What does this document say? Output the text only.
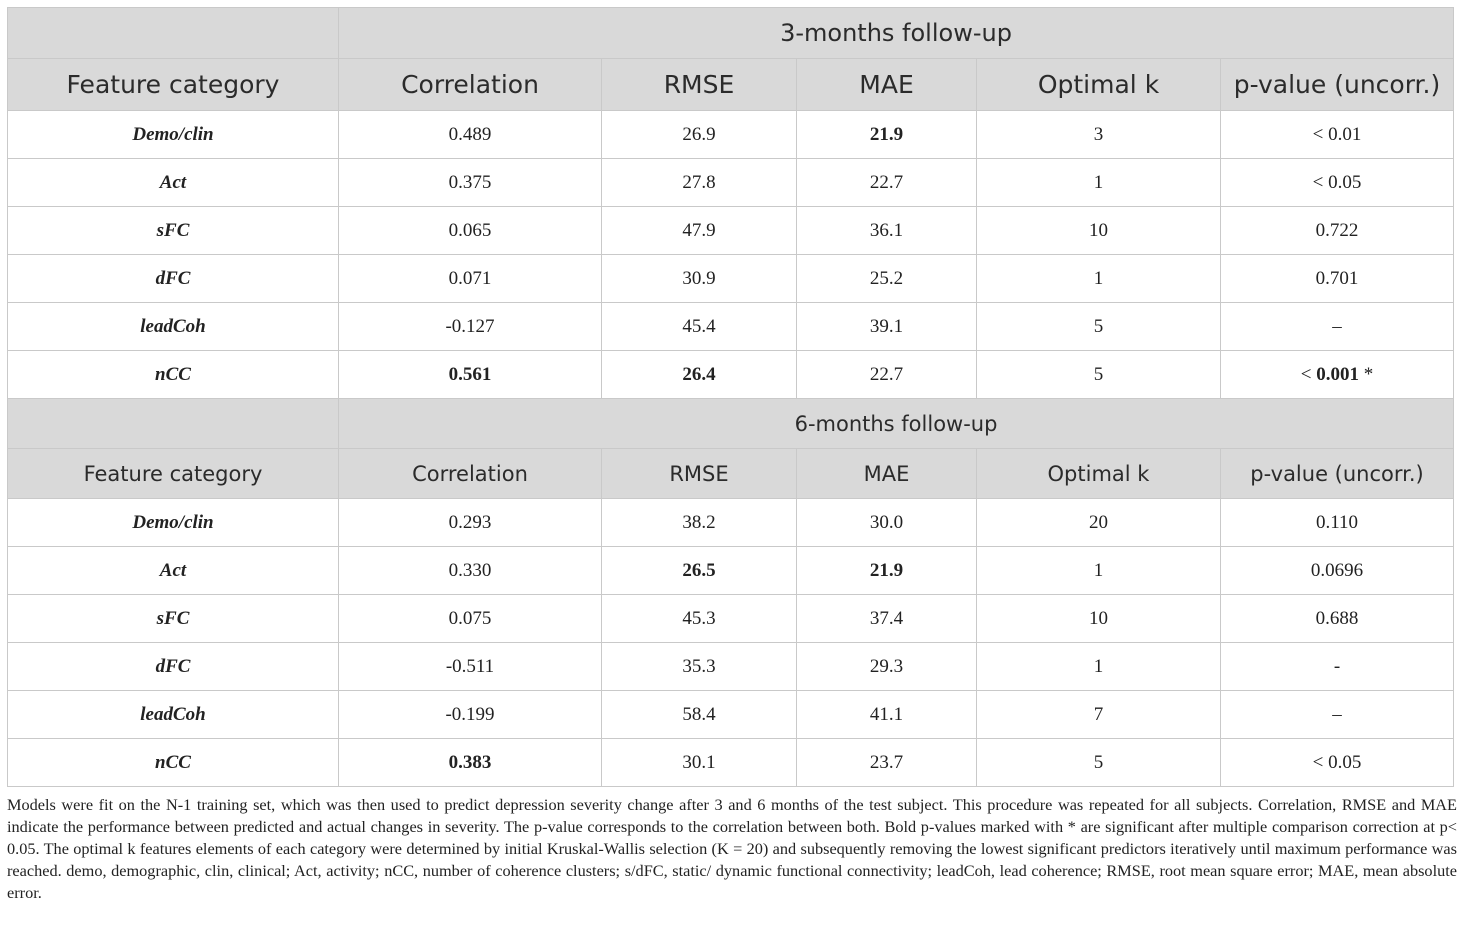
	3-months follow-up				
Feature category	Correlation	RMSE	MAE	Optimal k	p-value (uncorr.)
Demo/clin	0.489	26.9	21.9	3	< 0.01
Act	0.375	27.8	22.7	1	< 0.05
sFC	0.065	47.9	36.1	10	0.722
dFC	0.071	30.9	25.2	1	0.701
leadCoh	-0.127	45.4	39.1	5	–
nCC	0.561	26.4	22.7	5	< 0.001 *
	6-months follow-up				
Feature category	Correlation	RMSE	MAE	Optimal k	p-value (uncorr.)
Demo/clin	0.293	38.2	30.0	20	0.110
Act	0.330	26.5	21.9	1	0.0696
sFC	0.075	45.3	37.4	10	0.688
dFC	-0.511	35.3	29.3	1	-
leadCoh	-0.199	58.4	41.1	7	–
nCC	0.383	30.1	23.7	5	< 0.05
Models were fit on the N-1 training set, which was then used to predict depression severity change after 3 and 6 months of the test subject. This procedure was repeated for all subjects. Correlation, RMSE and MAE indicate the performance between predicted and actual changes in severity. The p-value corresponds to the correlation between both. Bold p-values marked with * are significant after multiple comparison correction at p< 0.05. The optimal k features elements of each category were determined by initial Kruskal-Wallis selection (K = 20) and subsequently removing the lowest significant predictors iteratively until maximum performance was reached. demo, demographic, clin, clinical; Act, activity; nCC, number of coherence clusters; s/dFC, static/ dynamic functional connectivity; leadCoh, lead coherence; RMSE, root mean square error; MAE, mean absolute error.
